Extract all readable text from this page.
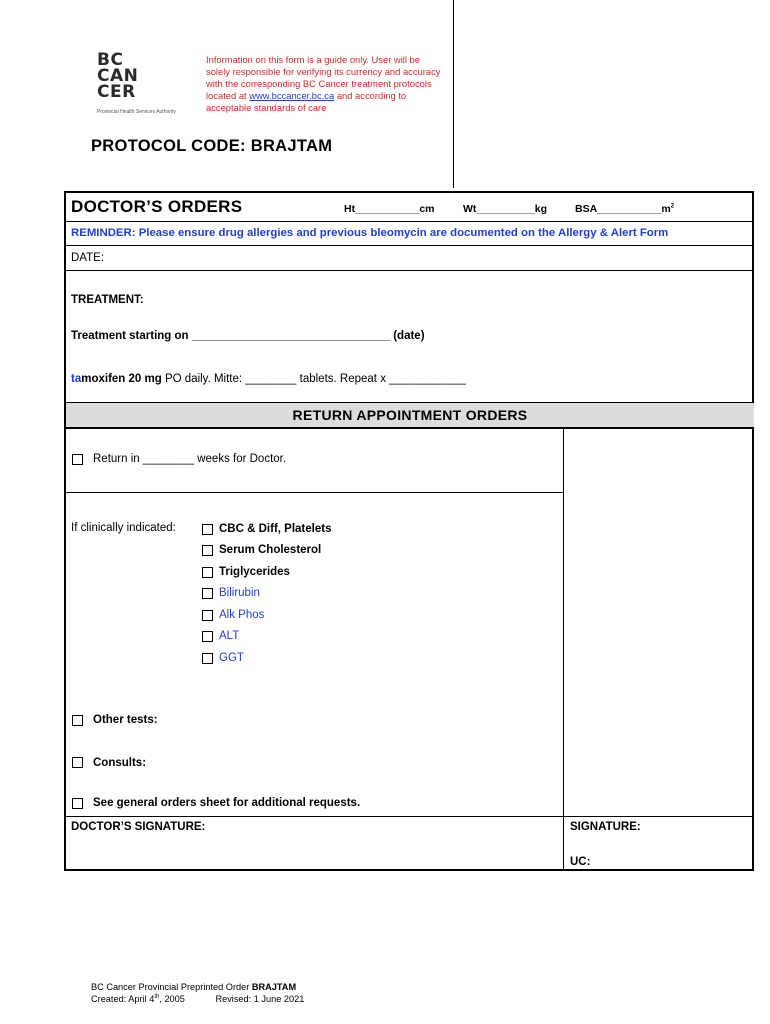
BC
CAN
CER
Provincial Health Services Authority
Information on this form is a guide only. User will be solely responsible for verifying its currency and accuracy with the corresponding BC Cancer treatment protocols located at www.bccancer.bc.ca and according to acceptable standards of care
PROTOCOL CODE: BRAJTAM
DOCTOR’S ORDERS	Ht___________cm	Wt__________kg	$BSA\_\_\_\_\_\_\_\_\_\_\_m^2$
REMINDER: Please ensure drug allergies and previous bleomycin are documented on the Allergy & Alert Form
DATE:
TREATMENT:
Treatment starting on _______________________________ (date)
tamoxifen 20 mg PO daily. Mitte: ________ tablets. Repeat x ____________
RETURN APPOINTMENT ORDERS
Return in ________ weeks for Doctor.
If clinically indicated:	CBC & Diff, Platelets
Serum Cholesterol
Triglycerides
Bilirubin
Alk Phos
ALT
GGT
Other tests:
Consults:
See general orders sheet for additional requests.
DOCTOR’S SIGNATURE:	SIGNATURE:
UC:
BC Cancer Provincial Preprinted Order BRAJTAM
Created: April 4th, 2005	Revised: 1 June 2021
